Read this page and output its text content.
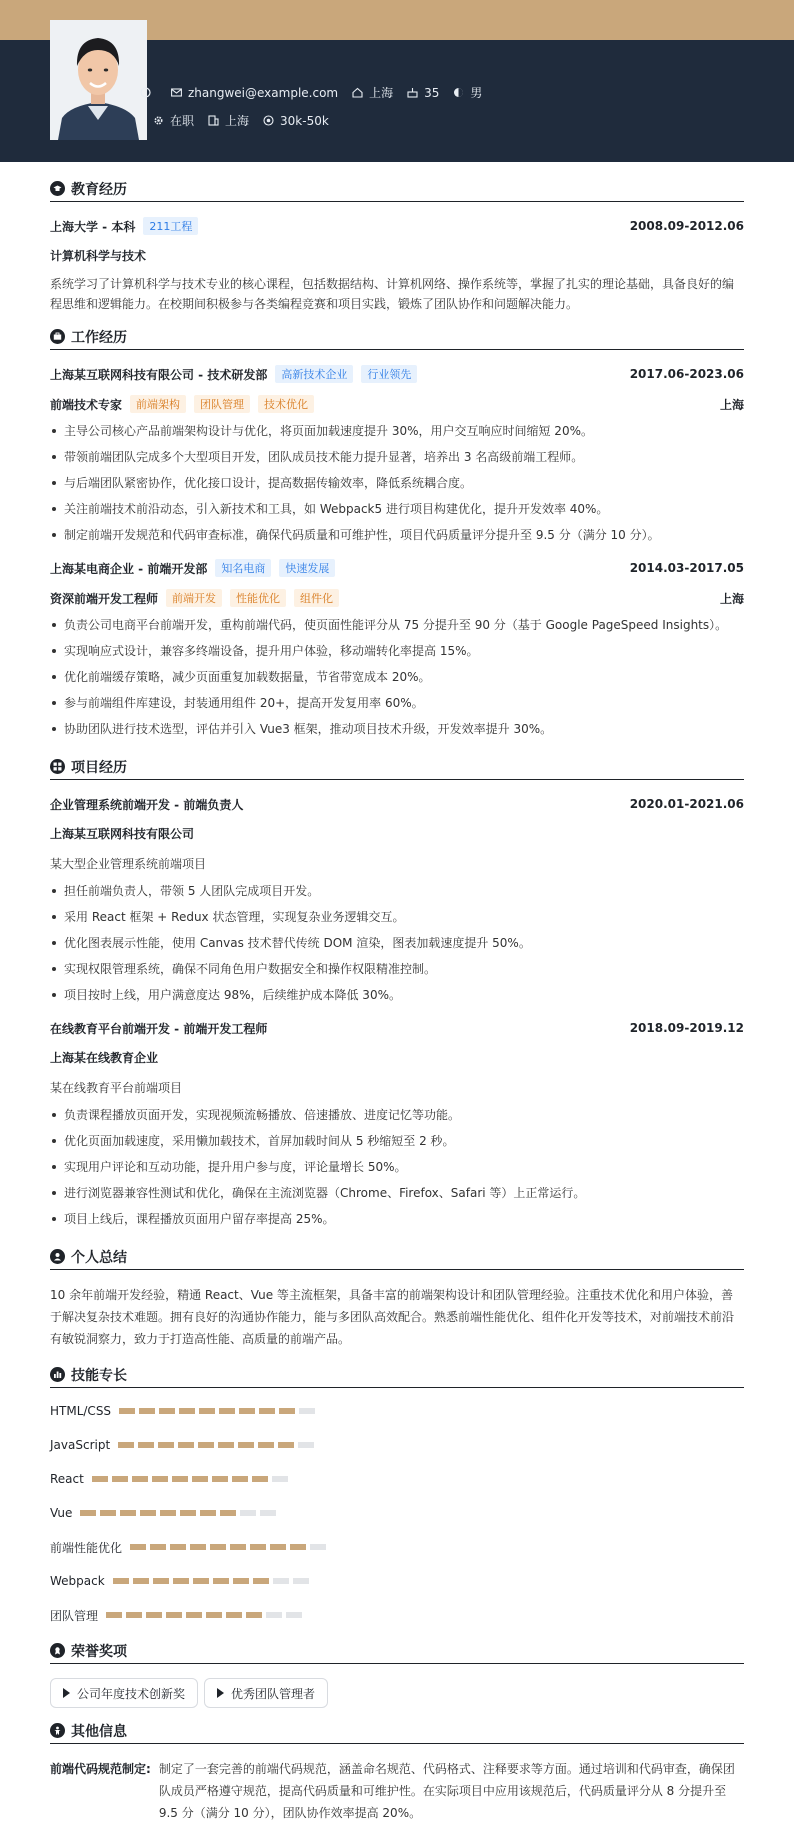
zhangwei@example.com	上海	35	男
在职	上海	30k-50k
教育经历
上海大学 - 本科	211工程	2008.09-2012.06
计算机科学与技术
系统学习了计算机科学与技术专业的核心课程，包括数据结构、计算机网络、操作系统等，掌握了扎实的理论基础，具备良好的编程思维和逻辑能力。在校期间积极参与各类编程竞赛和项目实践，锻炼了团队协作和问题解决能力。
工作经历
上海某互联网科技有限公司 - 技术研发部	高新技术企业	行业领先	2017.06-2023.06
前端技术专家	前端架构	团队管理	技术优化	上海
主导公司核心产品前端架构设计与优化，将页面加载速度提升 30%，用户交互响应时间缩短 20%。
带领前端团队完成多个大型项目开发，团队成员技术能力提升显著，培养出 3 名高级前端工程师。
与后端团队紧密协作，优化接口设计，提高数据传输效率，降低系统耦合度。
关注前端技术前沿动态，引入新技术和工具，如 Webpack5 进行项目构建优化，提升开发效率 40%。
制定前端开发规范和代码审查标准，确保代码质量和可维护性，项目代码质量评分提升至 9.5 分（满分 10 分）。
上海某电商企业 - 前端开发部	知名电商	快速发展	2014.03-2017.05
资深前端开发工程师	前端开发	性能优化	组件化	上海
负责公司电商平台前端开发，重构前端代码，使页面性能评分从 75 分提升至 90 分（基于 Google PageSpeed Insights）。
实现响应式设计，兼容多终端设备，提升用户体验，移动端转化率提高 15%。
优化前端缓存策略，减少页面重复加载数据量，节省带宽成本 20%。
参与前端组件库建设，封装通用组件 20+，提高开发复用率 60%。
协助团队进行技术选型，评估并引入 Vue3 框架，推动项目技术升级，开发效率提升 30%。
项目经历
企业管理系统前端开发 - 前端负责人	2020.01-2021.06
上海某互联网科技有限公司
某大型企业管理系统前端项目
担任前端负责人，带领 5 人团队完成项目开发。
采用 React 框架 + Redux 状态管理，实现复杂业务逻辑交互。
优化图表展示性能，使用 Canvas 技术替代传统 DOM 渲染，图表加载速度提升 50%。
实现权限管理系统，确保不同角色用户数据安全和操作权限精准控制。
项目按时上线，用户满意度达 98%，后续维护成本降低 30%。
在线教育平台前端开发 - 前端开发工程师	2018.09-2019.12
上海某在线教育企业
某在线教育平台前端项目
负责课程播放页面开发，实现视频流畅播放、倍速播放、进度记忆等功能。
优化页面加载速度，采用懒加载技术，首屏加载时间从 5 秒缩短至 2 秒。
实现用户评论和互动功能，提升用户参与度，评论量增长 50%。
进行浏览器兼容性测试和优化，确保在主流浏览器（Chrome、Firefox、Safari 等）上正常运行。
项目上线后，课程播放页面用户留存率提高 25%。
个人总结
10 余年前端开发经验，精通 React、Vue 等主流框架，具备丰富的前端架构设计和团队管理经验。注重技术优化和用户体验，善于解决复杂技术难题。拥有良好的沟通协作能力，能与多团队高效配合。熟悉前端性能优化、组件化开发等技术，对前端技术前沿有敏锐洞察力，致力于打造高性能、高质量的前端产品。
技能专长
HTML/CSS
JavaScript
React
Vue
前端性能优化
Webpack
团队管理
荣誉奖项
公司年度技术创新奖	优秀团队管理者
其他信息
前端代码规范制定: 制定了一套完善的前端代码规范，涵盖命名规范、代码格式、注释要求等方面。通过培训和代码审查，确保团队成员严格遵守规范，提高代码质量和可维护性。在实际项目中应用该规范后，代码质量评分从 8 分提升至 9.5 分（满分 10 分），团队协作效率提高 20%。
